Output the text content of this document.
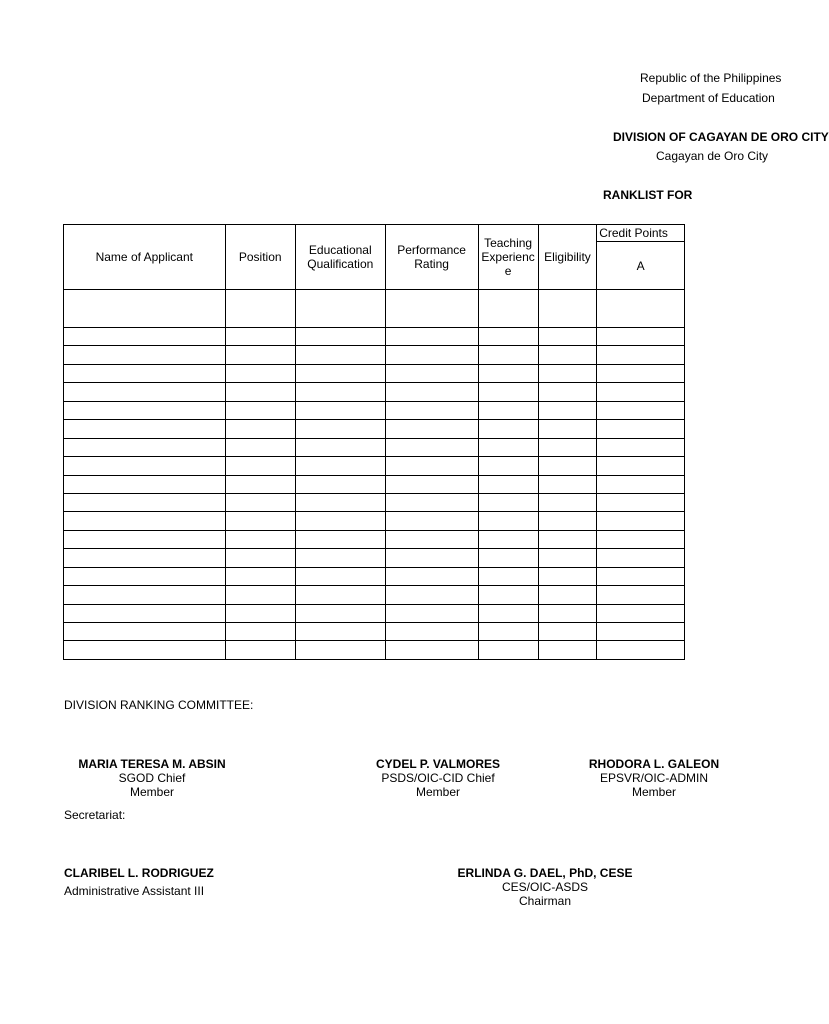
Republic of the Philippines
Department of Education
DIVISION OF CAGAYAN DE ORO CITY
Cagayan de Oro City
RANKLIST FOR
Name of Applicant	Position	Educational Qualification	Performance Rating	Teaching Experienc e	Eligibility	Credit Points
						A

DIVISION RANKING COMMITTEE:
MARIA TERESA M. ABSIN
SGOD Chief
Member
CYDEL P. VALMORES
PSDS/OIC-CID Chief
Member
RHODORA L. GALEON
EPSVR/OIC-ADMIN
Member
Secretariat:
CLARIBEL L. RODRIGUEZ
Administrative Assistant III
ERLINDA G. DAEL, PhD, CESE
CES/OIC-ASDS
Chairman
